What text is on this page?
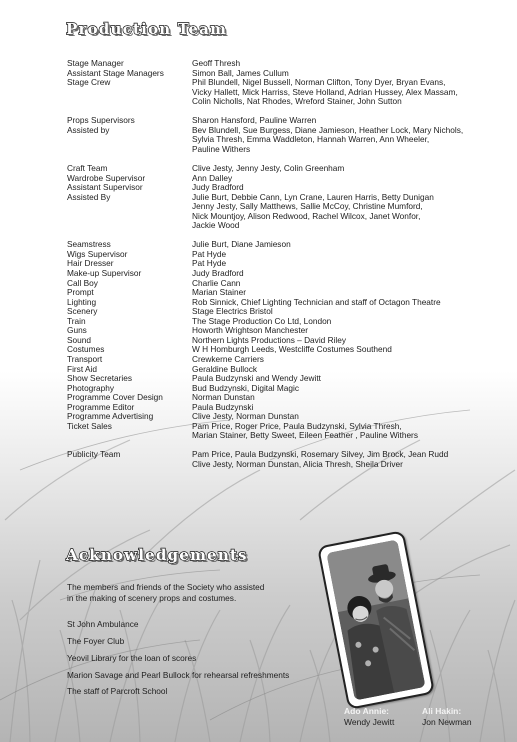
Production Team
Stage Manager
Assistant Stage Managers
Stage Crew
Props Supervisors
Assisted by
Craft Team
Wardrobe Supervisor
Assistant Supervisor
Assisted By
Seamstress
Wigs Supervisor
Hair Dresser
Make-up Supervisor
Call Boy
Prompt
Lighting
Scenery
Train
Guns
Sound
Costumes
Transport
First Aid
Show Secretaries
Photography
Programme Cover Design
Programme Editor
Programme Advertising
Ticket Sales
Publicity Team
Geoff Thresh
Simon Ball, James Cullum
Phil Blundell, Nigel Bussell, Norman Clifton, Tony Dyer, Bryan Evans,
Vicky Hallett, Mick Harriss, Steve Holland, Adrian Hussey, Alex Massam,
Colin Nicholls, Nat Rhodes, Wreford Stainer, John Sutton
Sharon Hansford, Pauline Warren
Bev Blundell, Sue Burgess, Diane Jamieson, Heather Lock, Mary Nichols,
Sylvia Thresh, Emma Waddleton, Hannah Warren, Ann Wheeler,
Pauline Withers
Clive Jesty, Jenny Jesty, Colin Greenham
Ann Dalley
Judy Bradford
Julie Burt, Debbie Cann, Lyn Crane, Lauren Harris, Betty Dunigan
Jenny Jesty, Sally Matthews, Sallie McCoy, Christine Mumford,
Nick Mountjoy, Alison Redwood, Rachel Wilcox, Janet Wonfor,
Jackie Wood
Julie Burt, Diane Jamieson
Pat Hyde
Pat Hyde
Judy Bradford
Charlie Cann
Marian Stainer
Rob Sinnick, Chief Lighting Technician and staff of Octagon Theatre
Stage Electrics Bristol
The Stage Production Co Ltd, London
Howorth Wrightson Manchester
Northern Lights Productions – David Riley
W H Homburgh Leeds, Westcliffe Costumes Southend
Crewkerne Carriers
Geraldine Bullock
Paula Budzynski and Wendy Jewitt
Bud Budzynski, Digital Magic
Norman Dunstan
Paula Budzynski
Clive Jesty, Norman Dunstan
Pam Price, Roger Price, Paula Budzynski, Sylvia Thresh,
Marian Stainer, Betty Sweet, Eileen Feather , Pauline Withers
Pam Price, Paula Budzynski, Rosemary Silvey, Jim Brock, Jean Rudd
Clive Jesty, Norman Dunstan, Alicia Thresh, Sheila Driver
Acknowledgements
The members and friends of the Society who assisted
in the making of scenery props and costumes.
St John Ambulance
The Foyer Club
Yeovil Library for the loan of scores
Marion Savage and Pearl Bullock for rehearsal refreshments
The staff of Parcroft School
Ado Annie:
Wendy Jewitt
Ali Hakin:
Jon Newman
